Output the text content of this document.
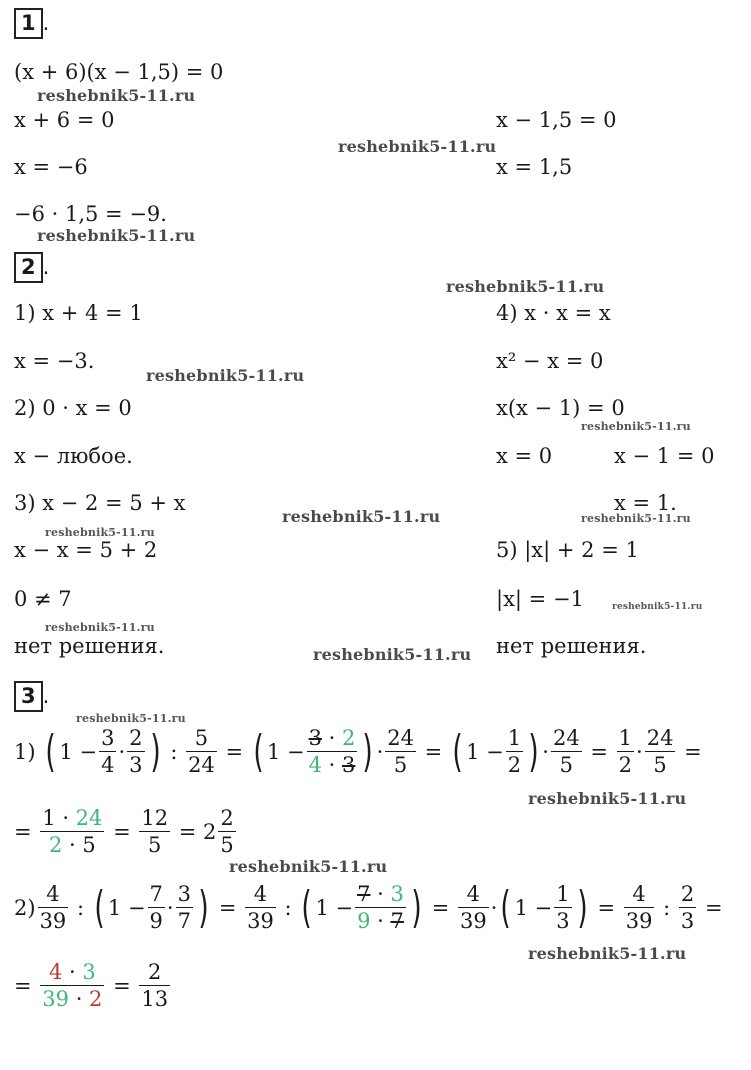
1 .
(x + 6)(x − 1,5) = 0
reshebnik5-11.ru
x + 6 = 0
x = −6
x − 1,5 = 0
x = 1,5
reshebnik5-11.ru
−6 · 1,5 = −9.
reshebnik5-11.ru
2 .
reshebnik5-11.ru
1) x + 4 = 1
x = −3.
reshebnik5-11.ru
2) 0 · x = 0
x − любое.
3) x − 2 = 5 + x
reshebnik5-11.ru
reshebnik5-11.ru
x − x = 5 + 2
0 ≠ 7
reshebnik5-11.ru
нет решения.
4) x · x = x
x² − x = 0
x(x − 1) = 0
reshebnik5-11.ru
x = 0	x − 1 = 0
x = 1.
reshebnik5-11.ru
5) |x| + 2 = 1
|x| = −1	reshebnik5-11.ru
reshebnik5-11.ru нет решения.
3 .
reshebnik5-11.ru
1)
( $1 - \frac{3}{4} \cdot \frac{2}{3}$ ) : $\frac{5}{24}$ = ( $1 - \frac{3 \cdot 2}{4 \cdot 3}$ ) · $\frac{24}{5}$ = ( $1 - \frac{1}{2}$ ) · $\frac{24}{5} = \frac{1}{2} \cdot \frac{24}{5}$ =
reshebnik5-11.ru
= $\frac{1 \cdot 24}{2 \cdot 5} = \frac{12}{5} = 2 \frac{2}{5}$
reshebnik5-11.ru
$2) \frac{4}{39}$ : ( $1 - \frac{7}{9} \cdot \frac{3}{7}$ ) = $\frac{4}{39}$ : ( $1 - \frac{7 \cdot 3}{9 \cdot 7}$ ) = $\frac{4}{39}$ · ( $1 - \frac{1}{3}$ ) = $\frac{4}{39}$ : $\frac{2}{3}$ =
reshebnik5-11.ru
= $\frac{4 \cdot 3}{39 \cdot 2} = \frac{2}{13}$
